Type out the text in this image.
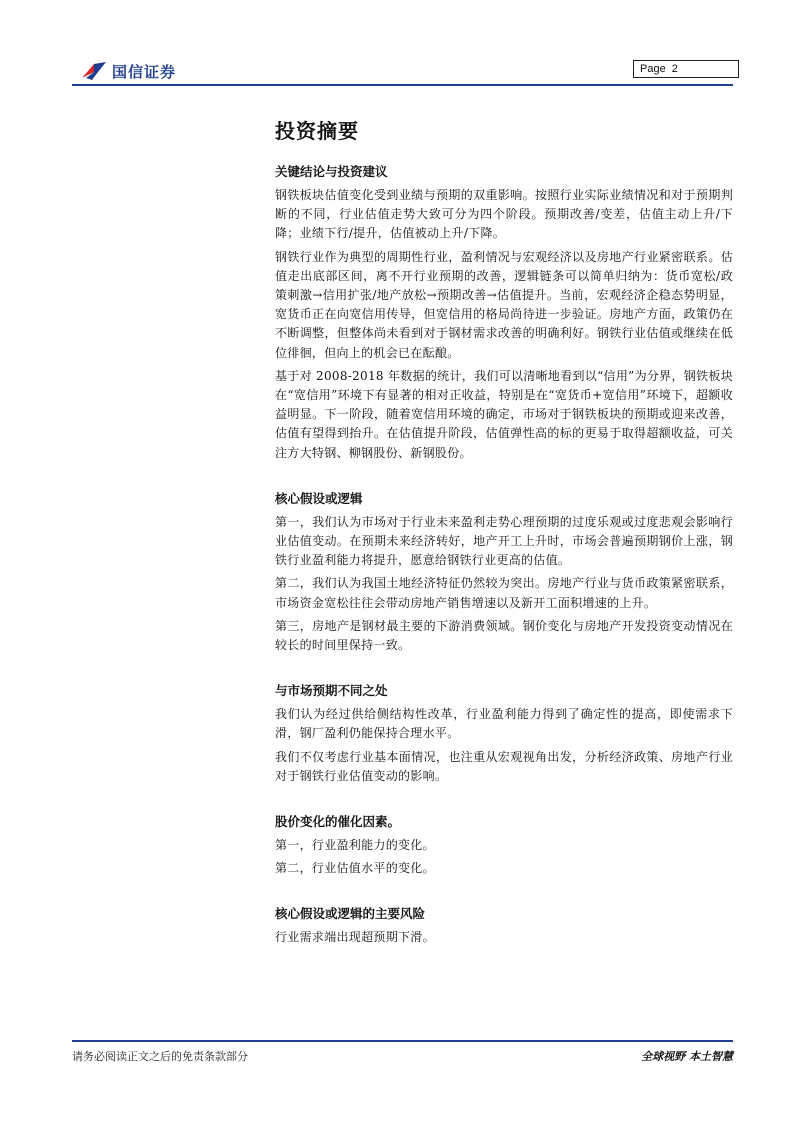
国信证券	Page 2
投资摘要
关键结论与投资建议

钢铁板块估值变化受到业绩与预期的双重影响。按照行业实际业绩情况和对于预期判断的不同，行业估值走势大致可分为四个阶段。预期改善/变差，估值主动上升/下降；业绩下行/提升，估值被动上升/下降。

钢铁行业作为典型的周期性行业，盈利情况与宏观经济以及房地产行业紧密联系。估值走出底部区间，离不开行业预期的改善，逻辑链条可以简单归纳为：货币宽松/政策刺激→信用扩张/地产放松→预期改善→估值提升。当前，宏观经济企稳态势明显，宽货币正在向宽信用传导，但宽信用的格局尚待进一步验证。房地产方面，政策仍在不断调整，但整体尚未看到对于钢材需求改善的明确利好。钢铁行业估值或继续在低位徘徊，但向上的机会已在酝酿。

基于对 2008-2018 年数据的统计，我们可以清晰地看到以“信用”为分界，钢铁板块在“宽信用”环境下有显著的相对正收益，特别是在“宽货币+宽信用”环境下，超额收益明显。下一阶段，随着宽信用环境的确定，市场对于钢铁板块的预期或迎来改善，估值有望得到抬升。在估值提升阶段，估值弹性高的标的更易于取得超额收益，可关注方大特钢、柳钢股份、新钢股份。

核心假设或逻辑

第一，我们认为市场对于行业未来盈利走势心理预期的过度乐观或过度悲观会影响行业估值变动。在预期未来经济转好，地产开工上升时，市场会普遍预期钢价上涨，钢铁行业盈利能力将提升，愿意给钢铁行业更高的估值。

第二，我们认为我国土地经济特征仍然较为突出。房地产行业与货币政策紧密联系，市场资金宽松往往会带动房地产销售增速以及新开工面积增速的上升。

第三，房地产是钢材最主要的下游消费领域。钢价变化与房地产开发投资变动情况在较长的时间里保持一致。

与市场预期不同之处

我们认为经过供给侧结构性改革，行业盈利能力得到了确定性的提高，即使需求下滑，钢厂盈利仍能保持合理水平。

我们不仅考虑行业基本面情况，也注重从宏观视角出发，分析经济政策、房地产行业对于钢铁行业估值变动的影响。

股价变化的催化因素。

第一，行业盈利能力的变化。

第二，行业估值水平的变化。

核心假设或逻辑的主要风险

行业需求端出现超预期下滑。

请务必阅读正文之后的免责条款部分	全球视野 本土智慧
